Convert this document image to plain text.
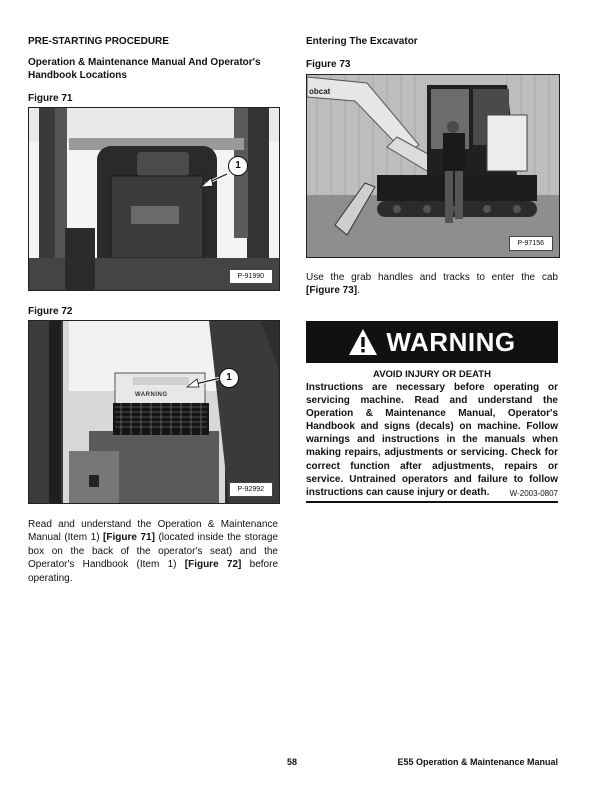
PRE-STARTING PROCEDURE
Operation & Maintenance Manual And Operator's Handbook Locations
Figure 71
1
P-91990
Figure 72
WARNING
1
P-92992
Read and understand the Operation & Maintenance Manual (Item 1) [Figure 71] (located inside the storage box on the back of the operator's seat) and the Operator's Handbook (Item 1) [Figure 72] before operating.
Entering The Excavator
Figure 73
obcat
P-97156
Use the grab handles and tracks to enter the cab [Figure 73].
WARNING
AVOID INJURY OR DEATH
Instructions are necessary before operating or servicing machine. Read and understand the Operation & Maintenance Manual, Operator's Handbook and signs (decals) on machine. Follow warnings and instructions in the manuals when making repairs, adjustments or servicing. Check for correct function after adjustments, repairs or service. Untrained operators and failure to follow instructions can cause injury or death.	W-2003-0807
58	E55 Operation & Maintenance Manual
